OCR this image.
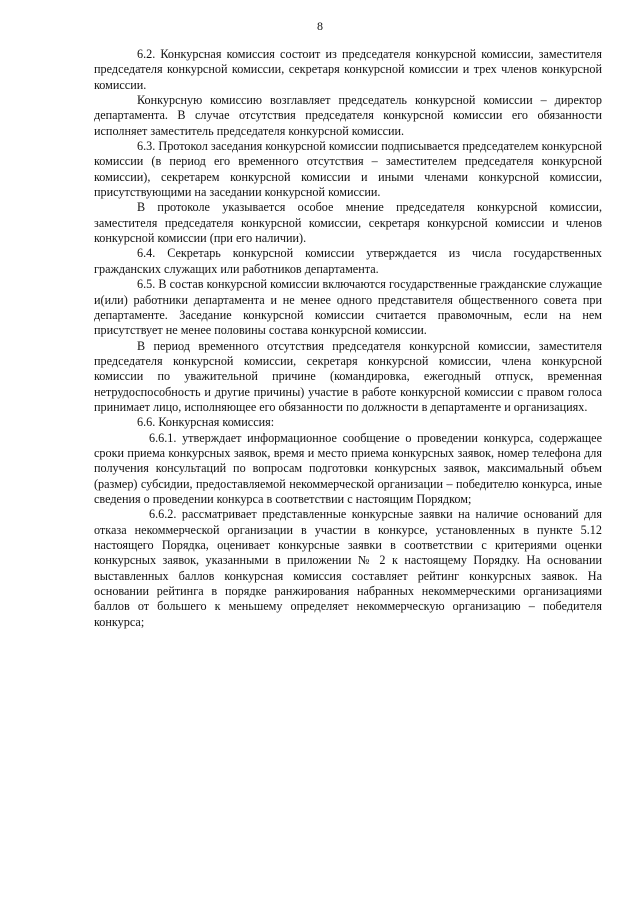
8

6.2. Конкурсная комиссия состоит из председателя конкурсной комиссии, заместителя председателя конкурсной комиссии, секретаря конкурсной комиссии и трех членов конкурсной комиссии.

Конкурсную комиссию возглавляет председатель конкурсной комиссии – директор департамента. В случае отсутствия председателя конкурсной комиссии его обязанности исполняет заместитель председателя конкурсной комиссии.

6.3. Протокол заседания конкурсной комиссии подписывается председателем конкурсной комиссии (в период его временного отсутствия – заместителем председателя конкурсной комиссии), секретарем конкурсной комиссии и иными членами конкурсной комиссии, присутствующими на заседании конкурсной комиссии.

В протоколе указывается особое мнение председателя конкурсной комиссии, заместителя председателя конкурсной комиссии, секретаря конкурсной комиссии и членов конкурсной комиссии (при его наличии).

6.4. Секретарь конкурсной комиссии утверждается из числа государственных гражданских служащих или работников департамента.

6.5. В состав конкурсной комиссии включаются государственные гражданские служащие и(или) работники департамента и не менее одного представителя общественного совета при департаменте. Заседание конкурсной комиссии считается правомочным, если на нем присутствует не менее половины состава конкурсной комиссии.

В период временного отсутствия председателя конкурсной комиссии, заместителя председателя конкурсной комиссии, секретаря конкурсной комиссии, члена конкурсной комиссии по уважительной причине (командировка, ежегодный отпуск, временная нетрудоспособность и другие причины) участие в работе конкурсной комиссии с правом голоса принимает лицо, исполняющее его обязанности по должности в департаменте и организациях.

6.6. Конкурсная комиссия:

6.6.1. утверждает информационное сообщение о проведении конкурса, содержащее сроки приема конкурсных заявок, время и место приема конкурсных заявок, номер телефона для получения консультаций по вопросам подготовки конкурсных заявок, максимальный объем (размер) субсидии, предоставляемой некоммерческой организации – победителю конкурса, иные сведения о проведении конкурса в соответствии с настоящим Порядком;

6.6.2. рассматривает представленные конкурсные заявки на наличие оснований для отказа некоммерческой организации в участии в конкурсе, установленных в пункте 5.12 настоящего Порядка, оценивает конкурсные заявки в соответствии с критериями оценки конкурсных заявок, указанными в приложении № 2 к настоящему Порядку. На основании выставленных баллов конкурсная комиссия составляет рейтинг конкурсных заявок. На основании рейтинга в порядке ранжирования набранных некоммерческими организациями баллов от большего к меньшему определяет некоммерческую организацию – победителя конкурса;
